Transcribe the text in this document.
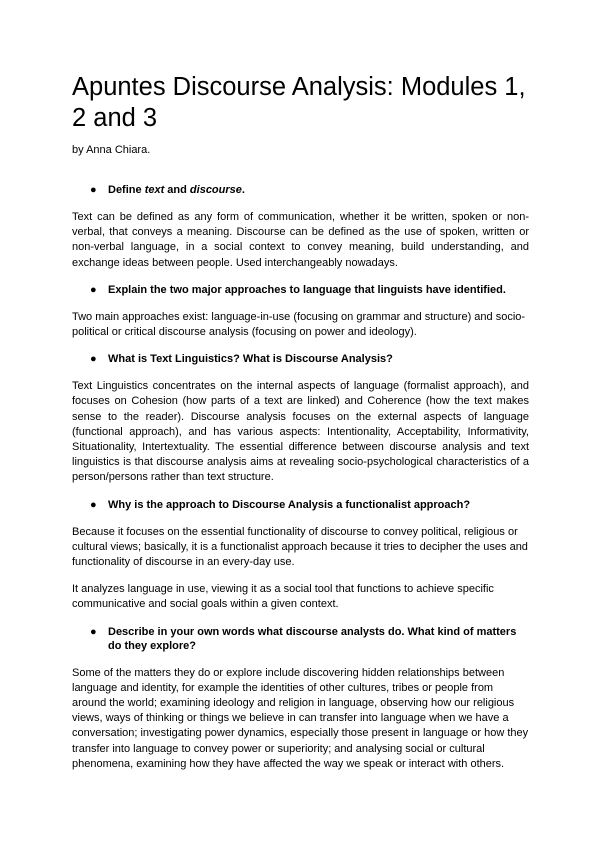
Apuntes Discourse Analysis: Modules 1, 2 and 3

by Anna Chiara.

● Define text and discourse.

Text can be defined as any form of communication, whether it be written, spoken or non-verbal, that conveys a meaning. Discourse can be defined as the use of spoken, written or non-verbal language, in a social context to convey meaning, build understanding, and exchange ideas between people. Used interchangeably nowadays.

● Explain the two major approaches to language that linguists have identified.

Two main approaches exist: language-in-use (focusing on grammar and structure) and socio-political or critical discourse analysis (focusing on power and ideology).

● What is Text Linguistics? What is Discourse Analysis?

Text Linguistics concentrates on the internal aspects of language (formalist approach), and focuses on Cohesion (how parts of a text are linked) and Coherence (how the text makes sense to the reader). Discourse analysis focuses on the external aspects of language (functional approach), and has various aspects: Intentionality, Acceptability, Informativity, Situationality, Intertextuality. The essential difference between discourse analysis and text linguistics is that discourse analysis aims at revealing socio-psychological characteristics of a person/persons rather than text structure.

● Why is the approach to Discourse Analysis a functionalist approach?

Because it focuses on the essential functionality of discourse to convey political, religious or cultural views; basically, it is a functionalist approach because it tries to decipher the uses and functionality of discourse in an every-day use.

It analyzes language in use, viewing it as a social tool that functions to achieve specific communicative and social goals within a given context.

● Describe in your own words what discourse analysts do. What kind of matters do they explore?

Some of the matters they do or explore include discovering hidden relationships between language and identity, for example the identities of other cultures, tribes or people from around the world; examining ideology and religion in language, observing how our religious views, ways of thinking or things we believe in can transfer into language when we have a conversation; investigating power dynamics, especially those present in language or how they transfer into language to convey power or superiority; and analysing social or cultural phenomena, examining how they have affected the way we speak or interact with others.
